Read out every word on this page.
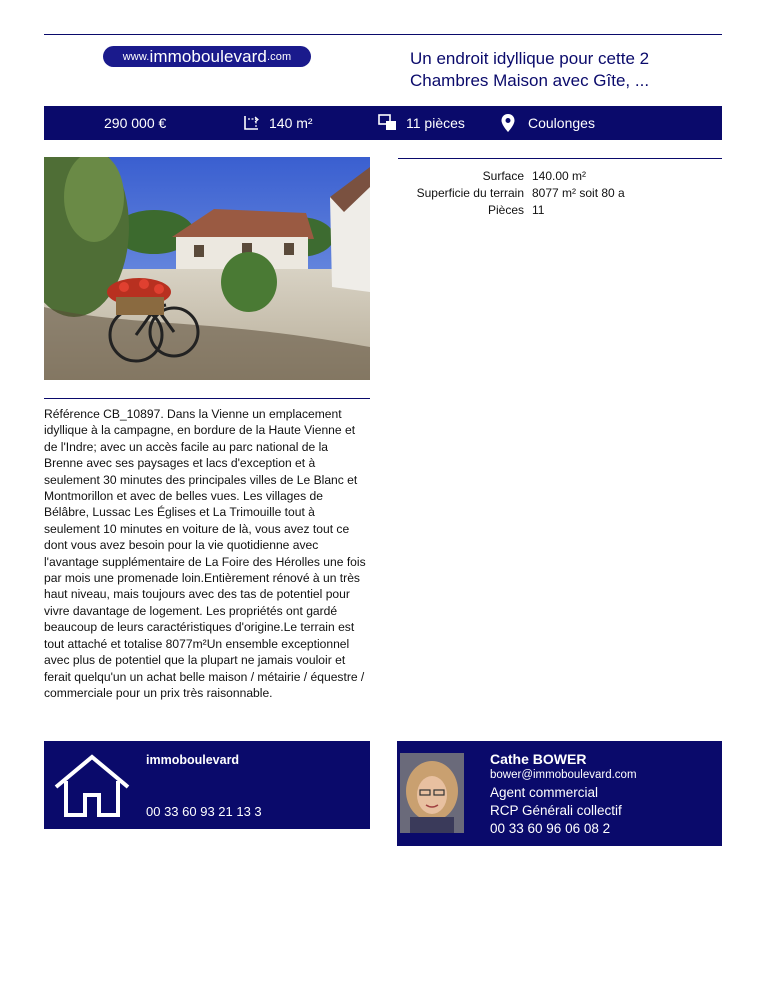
www. immoboulevard .com	Un endroit idyllique pour cette 2 Chambres Maison avec Gîte, ...
290 000 €	140 m²	11 pièces	Coulonges
Surface 140.00 m²
Superficie du terrain 8077 m² soit 80 a
Pièces 11
Référence CB_10897. Dans la Vienne un emplacement idyllique à la campagne, en bordure de la Haute Vienne et de l'Indre; avec un accès facile au parc national de la Brenne avec ses paysages et lacs d'exception et à seulement 30 minutes des principales villes de Le Blanc et Montmorillon et avec de belles vues. Les villages de Bélâbre, Lussac Les Églises et La Trimouille tout à seulement 10 minutes en voiture de là, vous avez tout ce dont vous avez besoin pour la vie quotidienne avec l'avantage supplémentaire de La Foire des Hérolles une fois par mois une promenade loin.Entièrement rénové à un très haut niveau, mais toujours avec des tas de potentiel pour vivre davantage de logement. Les propriétés ont gardé beaucoup de leurs caractéristiques d'origine.Le terrain est tout attaché et totalise 8077m²Un ensemble exceptionnel avec plus de potentiel que la plupart ne jamais vouloir et ferait quelqu'un un achat belle maison / métairie / équestre / commerciale pour un prix très raisonnable.
immoboulevard
00 33 60 93 21 13 3
Cathe BOWER
bower@immoboulevard.com
Agent commercial
RCP Générali collectif
00 33 60 96 06 08 2
